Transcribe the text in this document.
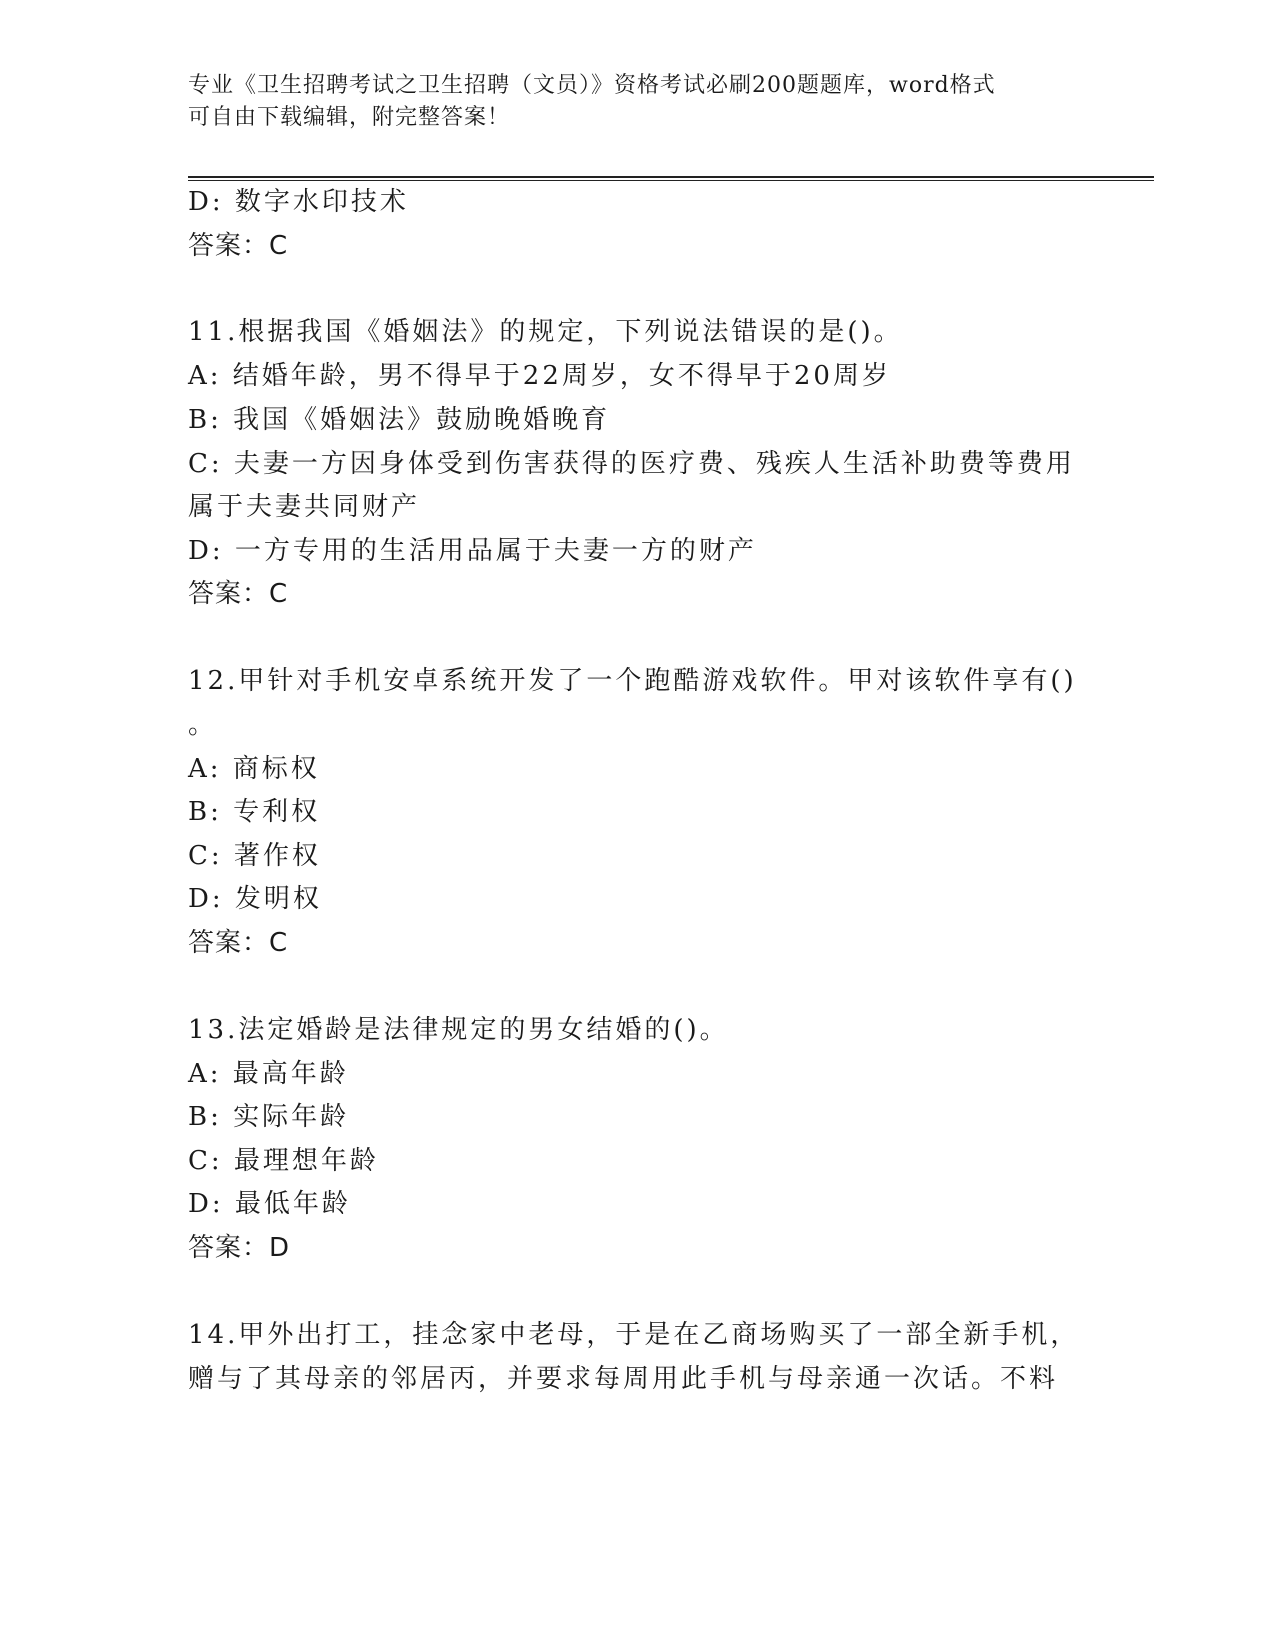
专业《卫生招聘考试之卫生招聘（文员）》资格考试必刷200题题库，word格式
可自由下载编辑，附完整答案！
D: 数字水印技术
答案：C
11.根据我国《婚姻法》的规定，下列说法错误的是()。
A: 结婚年龄，男不得早于22周岁，女不得早于20周岁
B: 我国《婚姻法》鼓励晚婚晚育
C: 夫妻一方因身体受到伤害获得的医疗费、残疾人生活补助费等费用
属于夫妻共同财产
D: 一方专用的生活用品属于夫妻一方的财产
答案：C
12.甲针对手机安卓系统开发了一个跑酷游戏软件。甲对该软件享有()
。
A: 商标权
B: 专利权
C: 著作权
D: 发明权
答案：C
13.法定婚龄是法律规定的男女结婚的()。
A: 最高年龄
B: 实际年龄
C: 最理想年龄
D: 最低年龄
答案：D
14.甲外出打工，挂念家中老母，于是在乙商场购买了一部全新手机，
赠与了其母亲的邻居丙，并要求每周用此手机与母亲通一次话。不料
